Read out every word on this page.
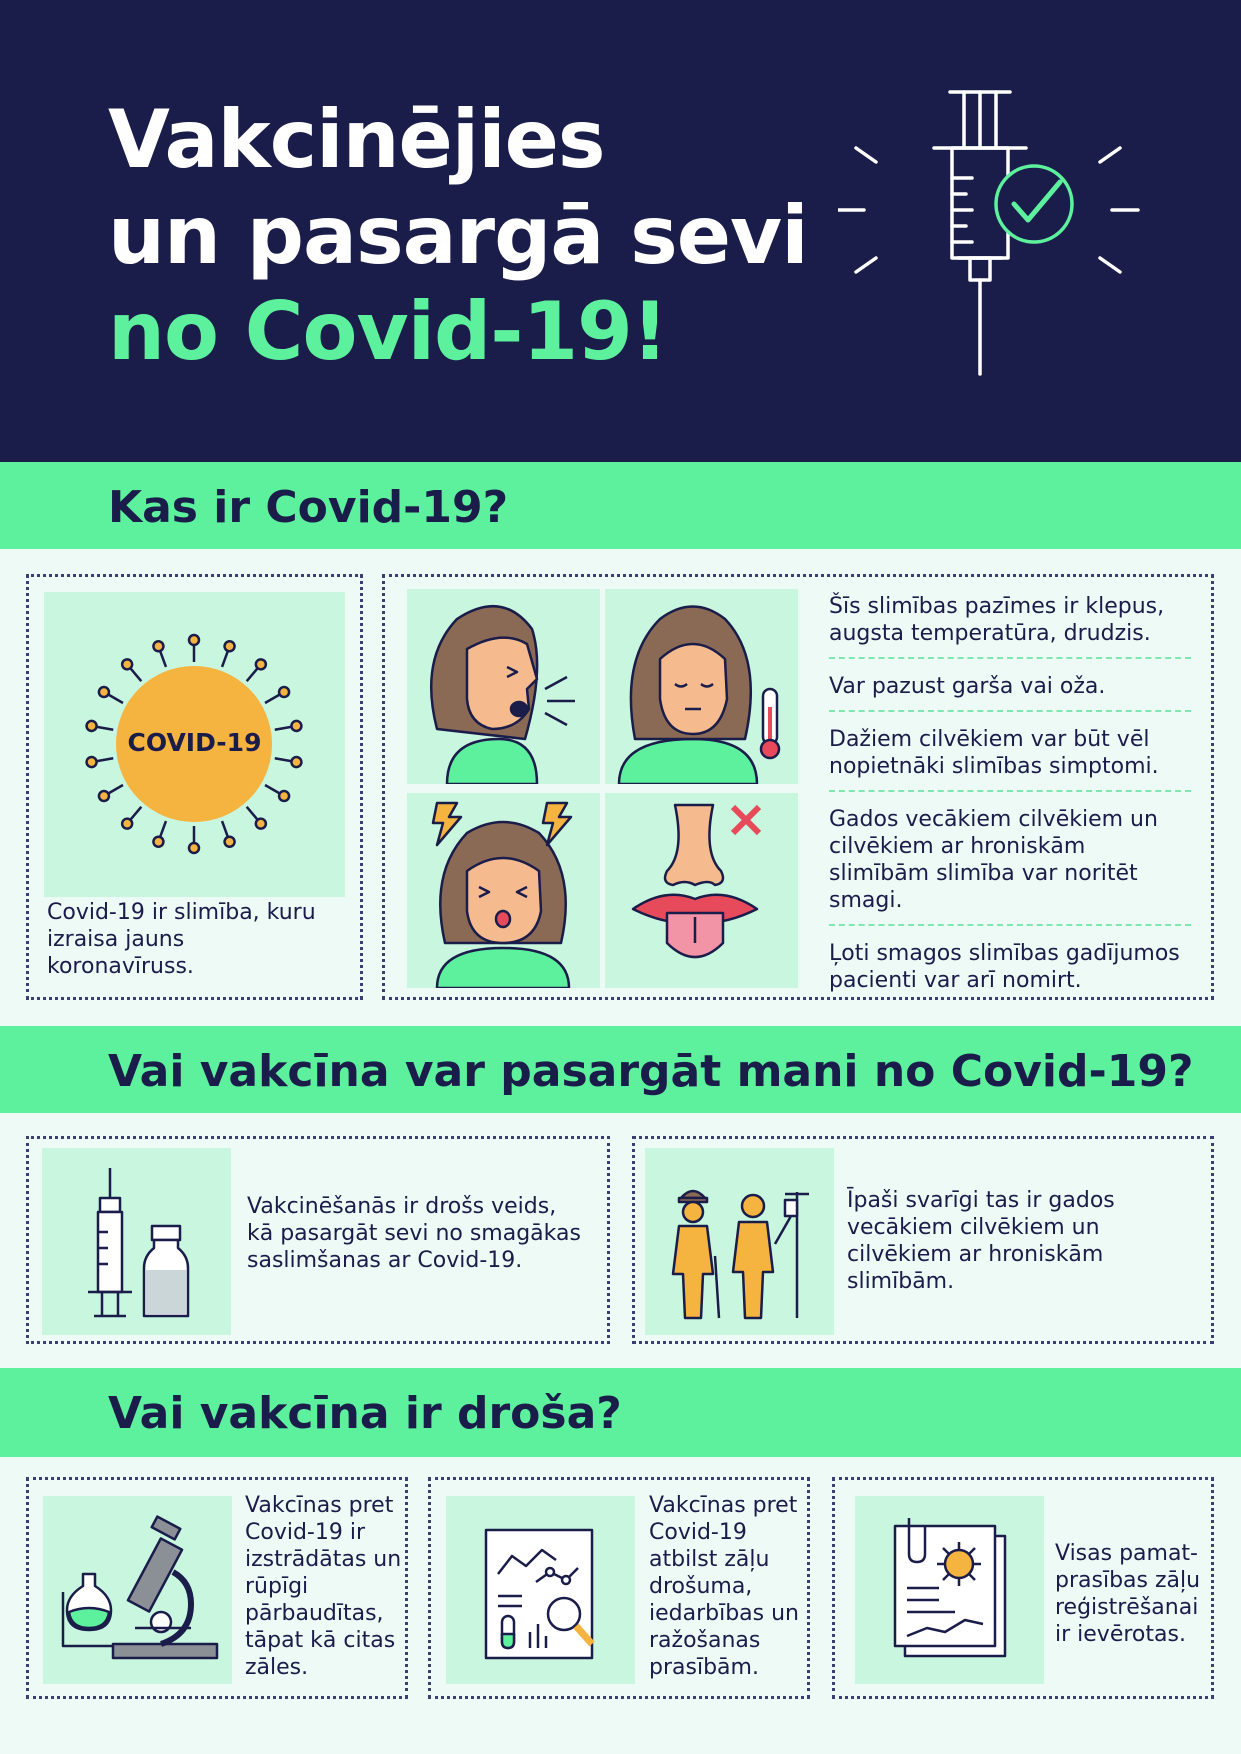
Vakcinējies
un pasargā sevi
no Covid-19!
Kas ir Covid-19?
COVID-19

Covid-19 ir slimība, kuru izraisa jauns koronavīruss.

Šīs slimības pazīmes ir klepus, augsta temperatūra, drudzis.

Var pazust garša vai oža.

Dažiem cilvēkiem var būt vēl nopietnāki slimības simptomi.

Gados vecākiem cilvēkiem un cilvēkiem ar hroniskām slimībām slimība var noritēt smagi.

Ļoti smagos slimības gadījumos pacienti var arī nomirt.

Vai vakcīna var pasargāt mani no Covid-19?

Vakcinēšanās ir drošs veids, kā pasargāt sevi no smagākas saslimšanas ar Covid-19.

Īpaši svarīgi tas ir gados vecākiem cilvēkiem un cilvēkiem ar hroniskām slimībām.

Vai vakcīna ir droša?

Vakcīnas pret Covid-19 ir izstrādātas un rūpīgi pārbaudītas, tāpat kā citas zāles.

Vakcīnas pret Covid-19 atbilst zāļu drošuma, iedarbības un ražošanas prasībām.

Visas pamat-prasības zāļu reģistrēšanai ir ievērotas.
